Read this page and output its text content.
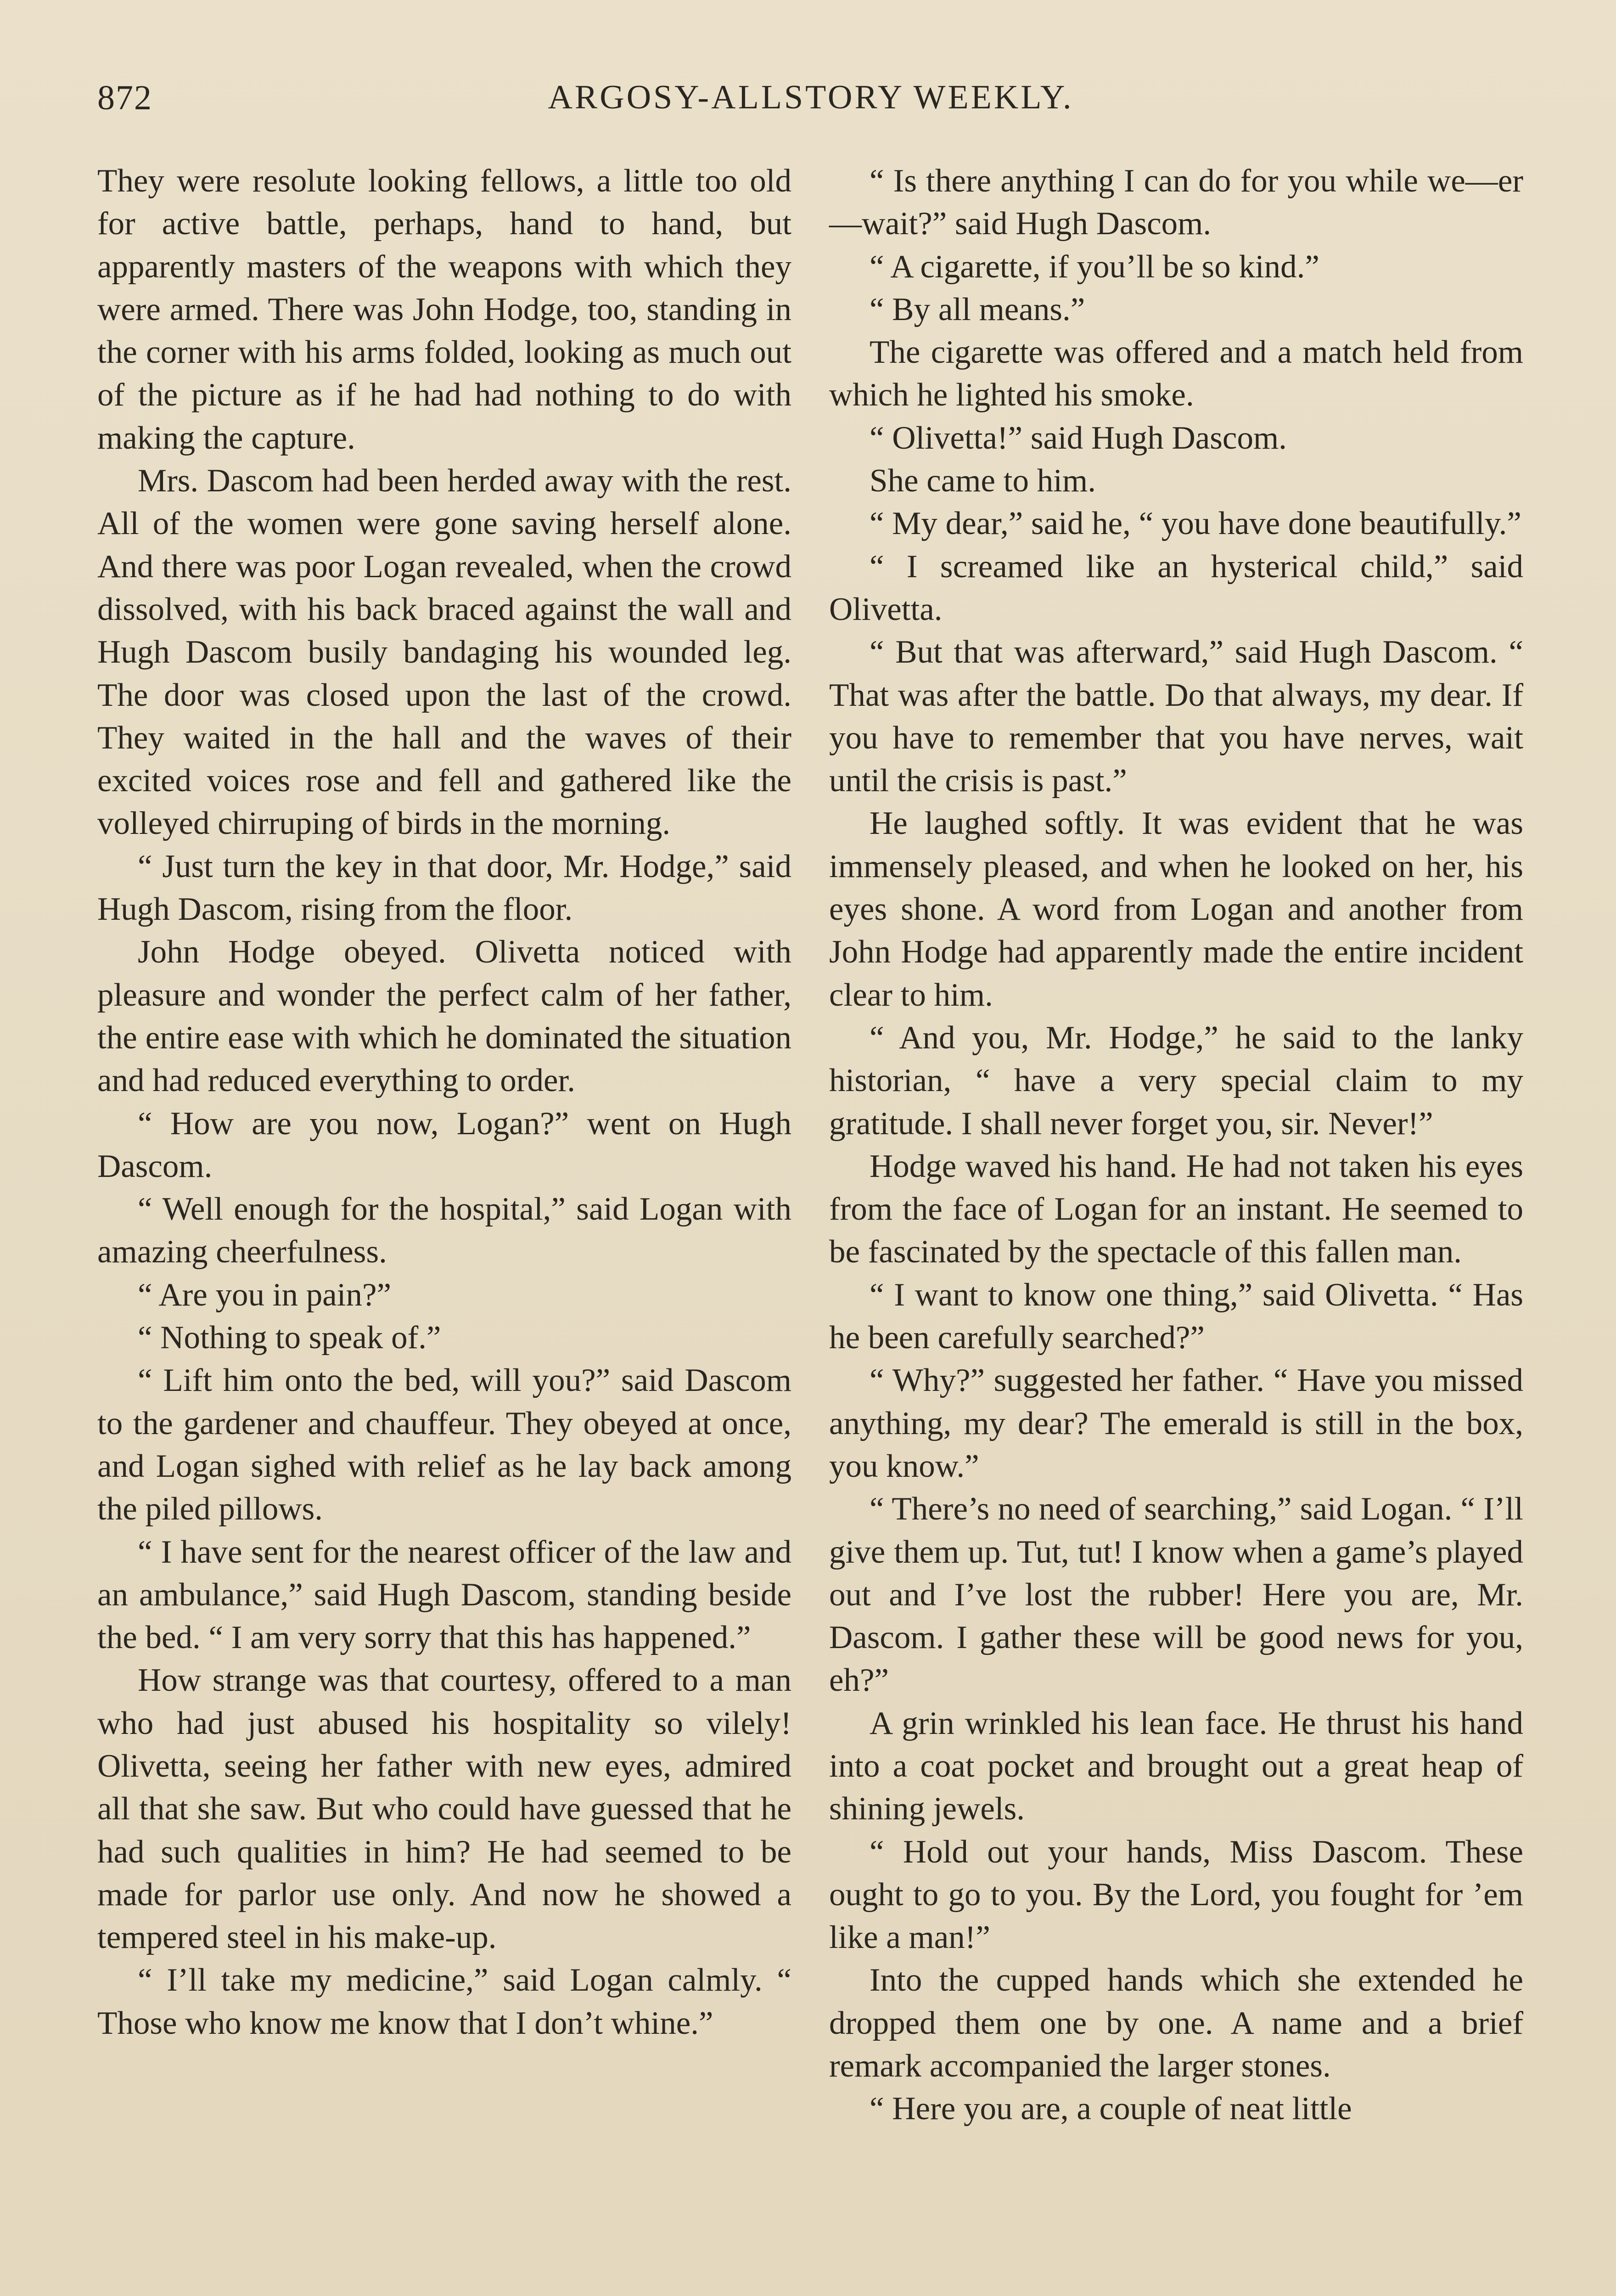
872	ARGOSY-ALLSTORY WEEKLY.

They were resolute looking fellows, a little too old for active battle, perhaps, hand to hand, but apparently masters of the weapons with which they were armed. There was John Hodge, too, standing in the corner with his arms folded, looking as much out of the picture as if he had had nothing to do with making the capture.

Mrs. Dascom had been herded away with the rest. All of the women were gone saving herself alone. And there was poor Logan revealed, when the crowd dissolved, with his back braced against the wall and Hugh Dascom busily bandaging his wounded leg. The door was closed upon the last of the crowd. They waited in the hall and the waves of their excited voices rose and fell and gathered like the volleyed chirruping of birds in the morning.

“ Just turn the key in that door, Mr. Hodge,” said Hugh Dascom, rising from the floor.

John Hodge obeyed. Olivetta noticed with pleasure and wonder the perfect calm of her father, the entire ease with which he dominated the situation and had reduced everything to order.

“ How are you now, Logan?” went on Hugh Dascom.

“ Well enough for the hospital,” said Logan with amazing cheerfulness.

“ Are you in pain?”

“ Nothing to speak of.”

“ Lift him onto the bed, will you?” said Dascom to the gardener and chauffeur. They obeyed at once, and Logan sighed with relief as he lay back among the piled pillows.

“ I have sent for the nearest officer of the law and an ambulance,” said Hugh Dascom, standing beside the bed. “ I am very sorry that this has happened.”

How strange was that courtesy, offered to a man who had just abused his hospitality so vilely! Olivetta, seeing her father with new eyes, admired all that she saw. But who could have guessed that he had such qualities in him? He had seemed to be made for parlor use only. And now he showed a tempered steel in his make-up.

“ I’ll take my medicine,” said Logan calmly. “ Those who know me know that I don’t whine.”

“ Is there anything I can do for you while we—er—wait?” said Hugh Dascom.

“ A cigarette, if you’ll be so kind.”

“ By all means.”

The cigarette was offered and a match held from which he lighted his smoke.

“ Olivetta!” said Hugh Dascom.

She came to him.

“ My dear,” said he, “ you have done beautifully.”

“ I screamed like an hysterical child,” said Olivetta.

“ But that was afterward,” said Hugh Dascom. “ That was after the battle. Do that always, my dear. If you have to remember that you have nerves, wait until the crisis is past.”

He laughed softly. It was evident that he was immensely pleased, and when he looked on her, his eyes shone. A word from Logan and another from John Hodge had apparently made the entire incident clear to him.

“ And you, Mr. Hodge,” he said to the lanky historian, “ have a very special claim to my gratitude. I shall never forget you, sir. Never!”

Hodge waved his hand. He had not taken his eyes from the face of Logan for an instant. He seemed to be fascinated by the spectacle of this fallen man.

“ I want to know one thing,” said Olivetta. “ Has he been carefully searched?”

“ Why?” suggested her father. “ Have you missed anything, my dear? The emerald is still in the box, you know.”

“ There’s no need of searching,” said Logan. “ I’ll give them up. Tut, tut! I know when a game’s played out and I’ve lost the rubber! Here you are, Mr. Dascom. I gather these will be good news for you, eh?”

A grin wrinkled his lean face. He thrust his hand into a coat pocket and brought out a great heap of shining jewels.

“ Hold out your hands, Miss Dascom. These ought to go to you. By the Lord, you fought for ’em like a man!”

Into the cupped hands which she extended he dropped them one by one. A name and a brief remark accompanied the larger stones.

“ Here you are, a couple of neat little
